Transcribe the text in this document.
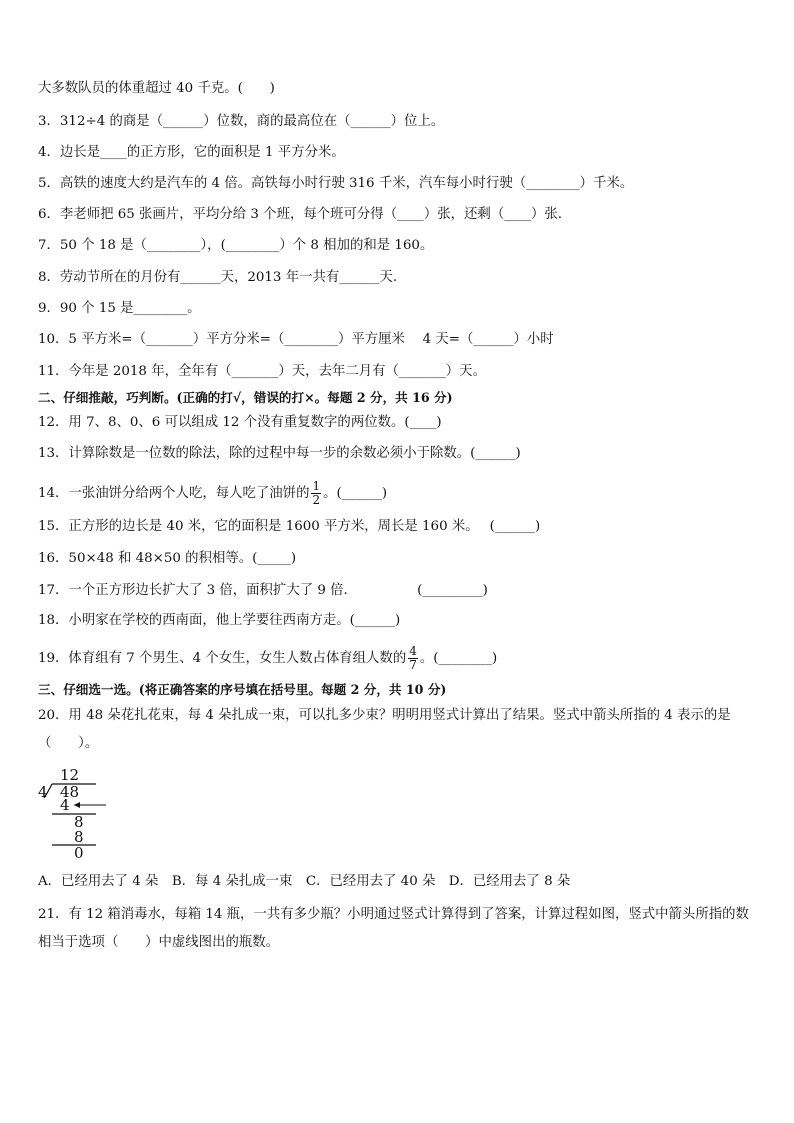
大多数队员的体重超过 40 千克。(　　)
3．312÷4 的商是（______）位数，商的最高位在（______）位上。
4．边长是____的正方形，它的面积是 1 平方分米。
5．高铁的速度大约是汽车的 4 倍。高铁每小时行驶 316 千米，汽车每小时行驶（________）千米。
6．李老师把 65 张画片，平均分给 3 个班，每个班可分得（____）张，还剩（____）张.
7．50 个 18 是（________），(________）个 8 相加的和是 160。
8．劳动节所在的月份有______天，2013 年一共有______天.
9．90 个 15 是________。
10．5 平方米=（_______）平方分米=（________）平方厘米　 4 天=（______）小时
11．今年是 2018 年，全年有（_______）天，去年二月有（_______）天。
二、仔细推敲，巧判断。(正确的打√，错误的打×。每题 2 分，共 16 分)
12．用 7、8、0、6 可以组成 12 个没有重复数字的两位数。(____)
13．计算除数是一位数的除法，除的过程中每一步的余数必须小于除数。(______)
14．一张油饼分给两个人吃，每人吃了油饼的 $\frac{1}{2}$ 。(______)
15．正方形的边长是 40 米，它的面积是 1600 平方米，周长是 160 米。　 (______)
16．50×48 和 48×50 的积相等。(_____)
17．一个正方形边长扩大了 3 倍，面积扩大了 9 倍．　　　　　(_________)
18．小明家在学校的西南面，他上学要往西南方走。(______)
19．体育组有 7 个男生、4 个女生，女生人数占体育组人数的 $\frac{4}{7}$ 。(________)
三、仔细选一选。(将正确答案的序号填在括号里。每题 2 分，共 10 分)
20．用 48 朵花扎花束，每 4 朵扎成一束，可以扎多少束？明明用竖式计算出了结果。竖式中箭头所指的 4 表示的是（　　）。
12
4 48
4
8
8
0
A．已经用去了 4 朵　B．每 4 朵扎成一束　C．已经用去了 40 朵　D．已经用去了 8 朵
21．有 12 箱消毒水，每箱 14 瓶，一共有多少瓶？小明通过竖式计算得到了答案，计算过程如图，竖式中箭头所指的数相当于选项（　　）中虚线图出的瓶数。
